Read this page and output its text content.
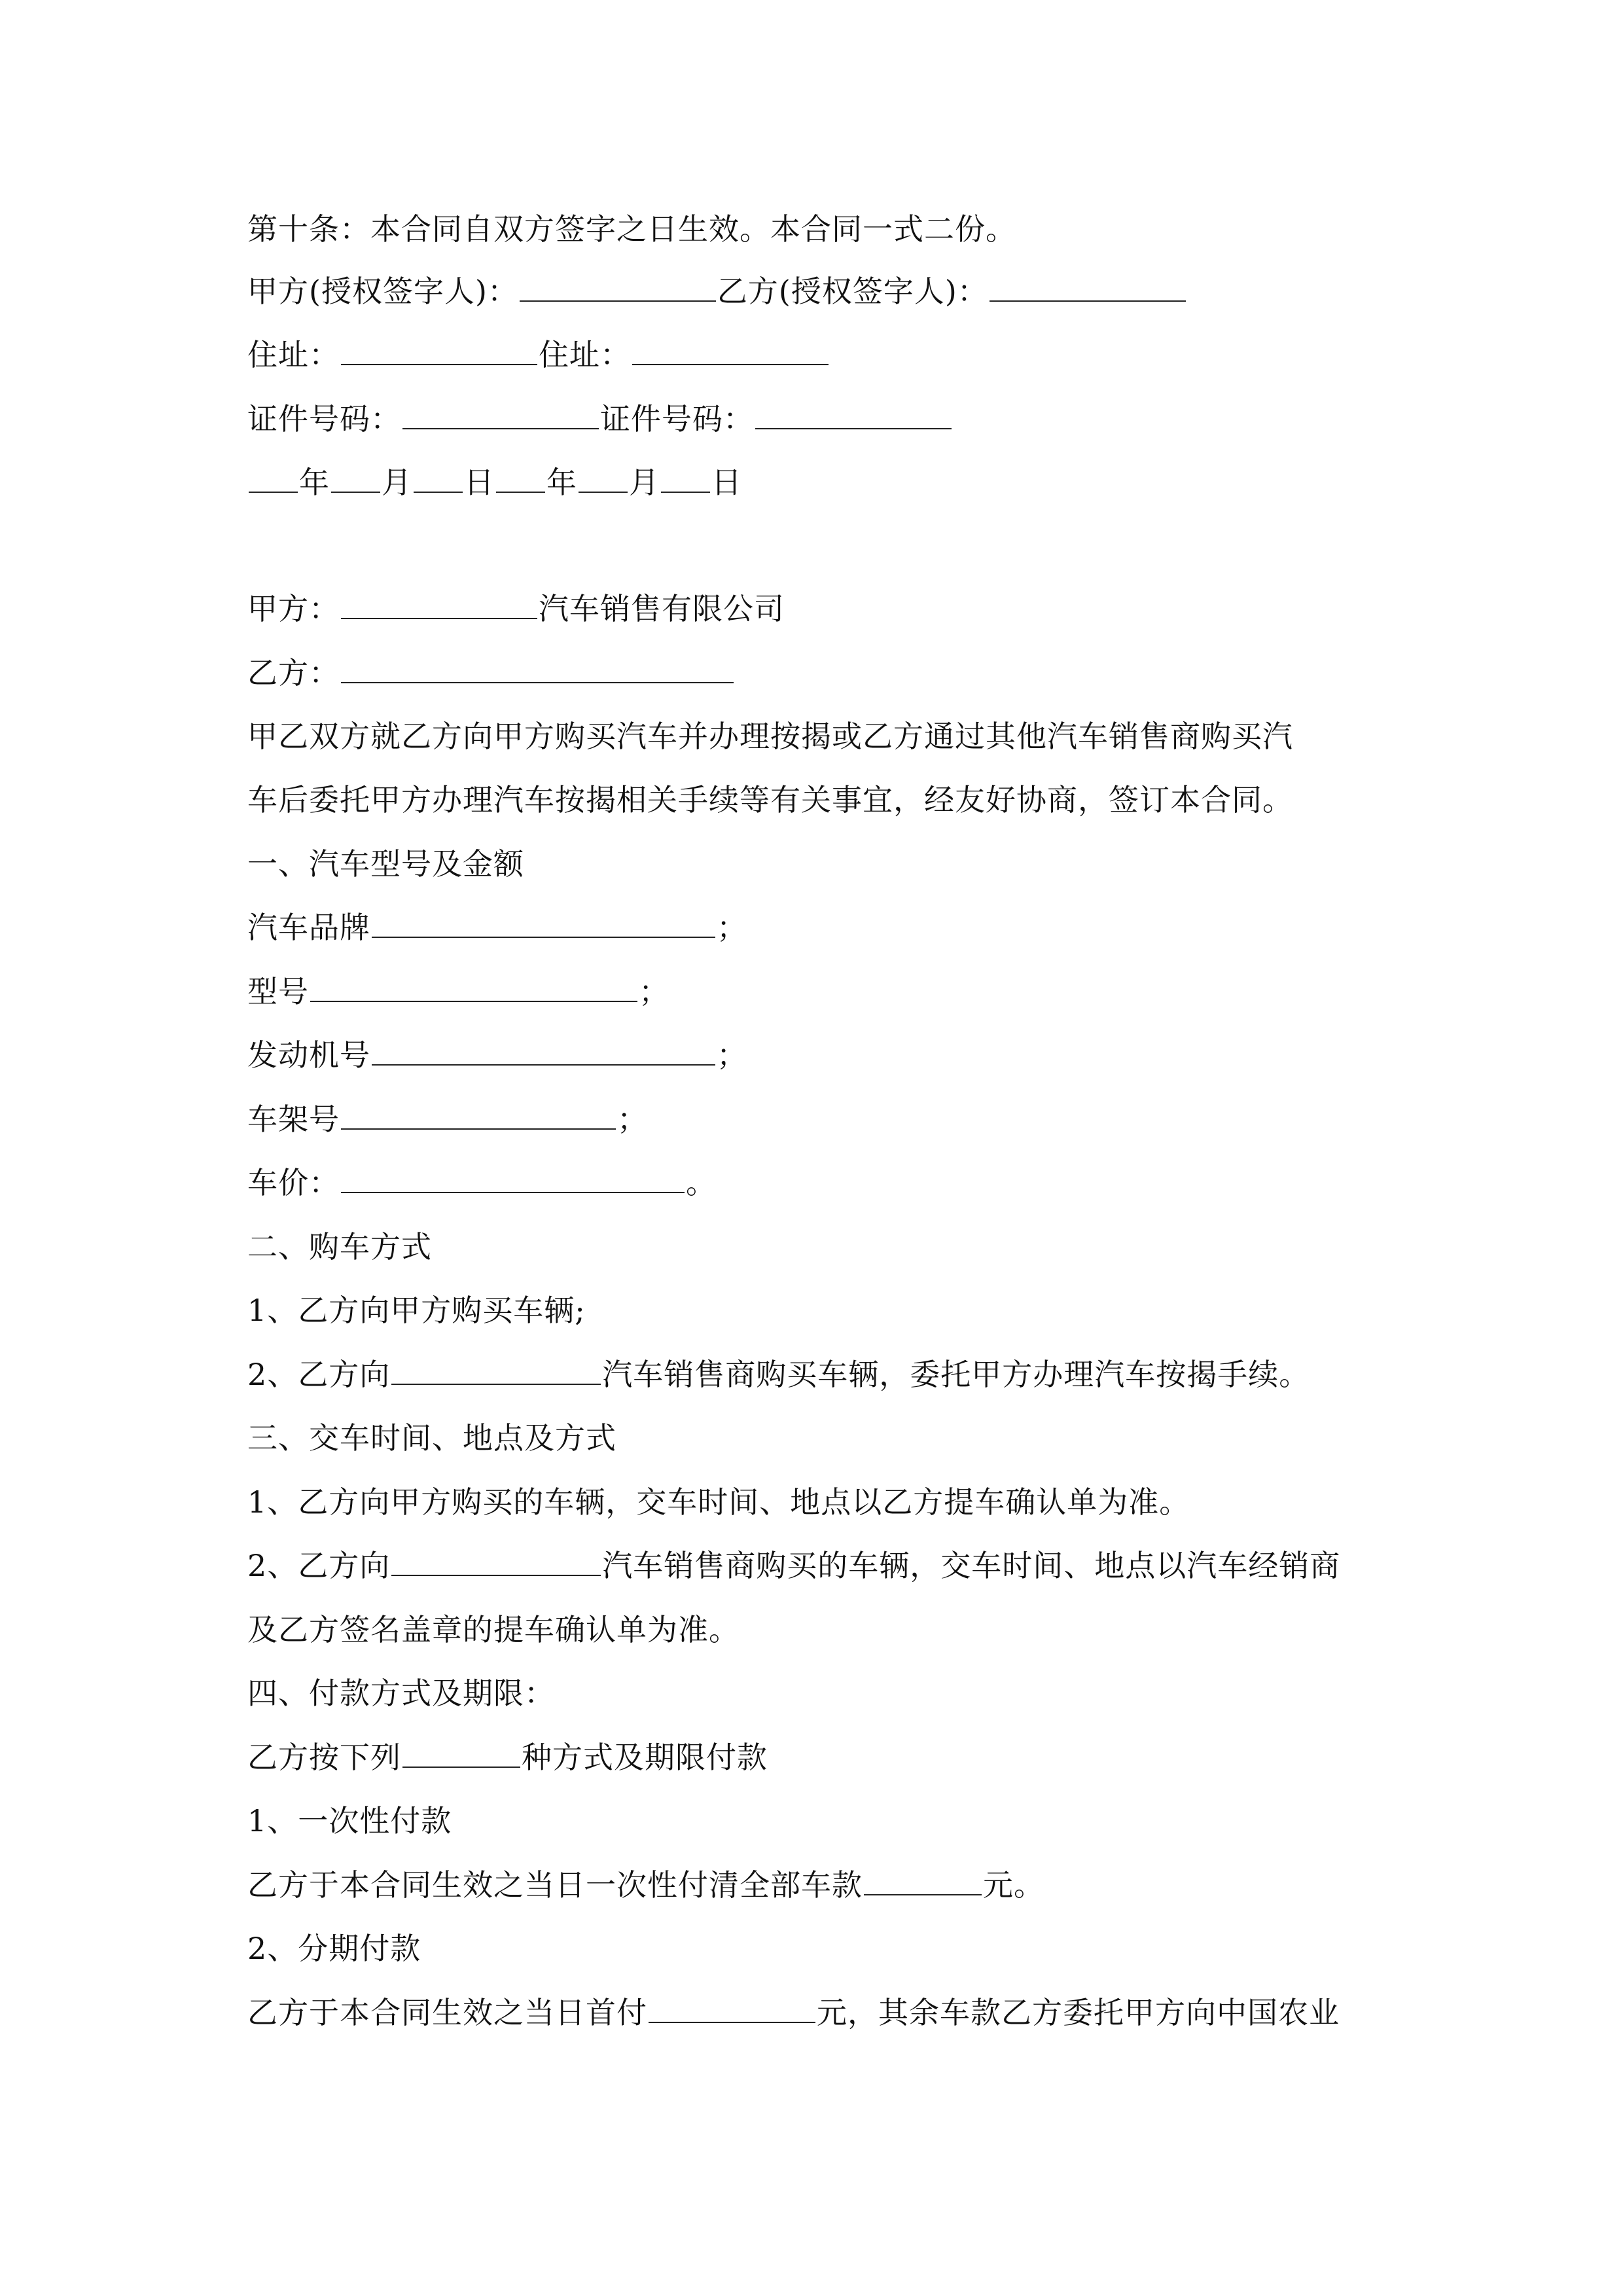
第十条：本合同自双方签字之日生效。本合同一式二份。
甲方(授权签字人)：	乙方(授权签字人)：
住址：	住址：
证件号码：	证件号码：
年 月 日 年 月 日
甲方：	汽车销售有限公司
乙方：
甲乙双方就乙方向甲方购买汽车并办理按揭或乙方通过其他汽车销售商购买汽
车后委托甲方办理汽车按揭相关手续等有关事宜，经友好协商，签订本合同。
一、汽车型号及金额
汽车品牌	；
型号	；
发动机号	；
车架号	；
车价：	。
二、购车方式
1、乙方向甲方购买车辆;
2、乙方向	汽车销售商购买车辆，委托甲方办理汽车按揭手续。
三、交车时间、地点及方式
1、乙方向甲方购买的车辆，交车时间、地点以乙方提车确认单为准。
2、乙方向	汽车销售商购买的车辆，交车时间、地点以汽车经销商
及乙方签名盖章的提车确认单为准。
四、付款方式及期限：
乙方按下列	种方式及期限付款
1、一次性付款
乙方于本合同生效之当日一次性付清全部车款	元。
2、分期付款
乙方于本合同生效之当日首付	元，其余车款乙方委托甲方向中国农业
